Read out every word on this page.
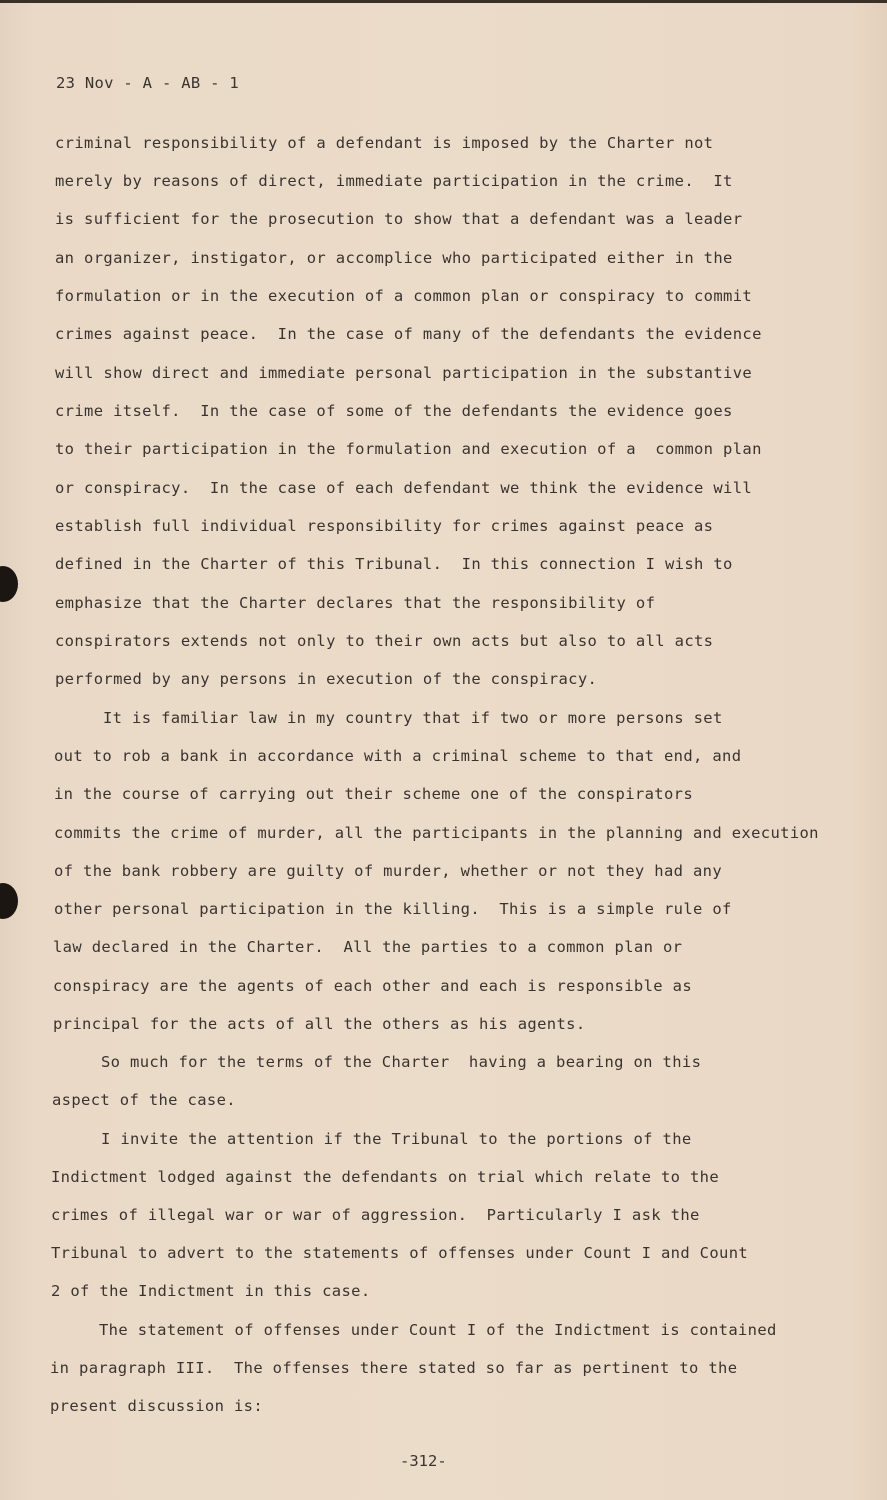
23 Nov - A - AB - 1
criminal responsibility of a defendant is imposed by the Charter not
merely by reasons of direct, immediate participation in the crime.  It
is sufficient for the prosecution to show that a defendant was a leader
an organizer, instigator, or accomplice who participated either in the
formulation or in the execution of a common plan or conspiracy to commit
crimes against peace.  In the case of many of the defendants the evidence
will show direct and immediate personal participation in the substantive
crime itself.  In the case of some of the defendants the evidence goes
to their participation in the formulation and execution of a  common plan
or conspiracy.  In the case of each defendant we think the evidence will
establish full individual responsibility for crimes against peace as
defined in the Charter of this Tribunal.  In this connection I wish to
emphasize that the Charter declares that the responsibility of
conspirators extends not only to their own acts but also to all acts
performed by any persons in execution of the conspiracy.
It is familiar law in my country that if two or more persons set
out to rob a bank in accordance with a criminal scheme to that end, and
in the course of carrying out their scheme one of the conspirators
commits the crime of murder, all the participants in the planning and execution
of the bank robbery are guilty of murder, whether or not they had any
other personal participation in the killing.  This is a simple rule of
law declared in the Charter.  All the parties to a common plan or
conspiracy are the agents of each other and each is responsible as
principal for the acts of all the others as his agents.
So much for the terms of the Charter  having a bearing on this
aspect of the case.
I invite the attention if the Tribunal to the portions of the
Indictment lodged against the defendants on trial which relate to the
crimes of illegal war or war of aggression.  Particularly I ask the
Tribunal to advert to the statements of offenses under Count I and Count
2 of the Indictment in this case.
The statement of offenses under Count I of the Indictment is contained
in paragraph III.  The offenses there stated so far as pertinent to the
present discussion is:
-312-
